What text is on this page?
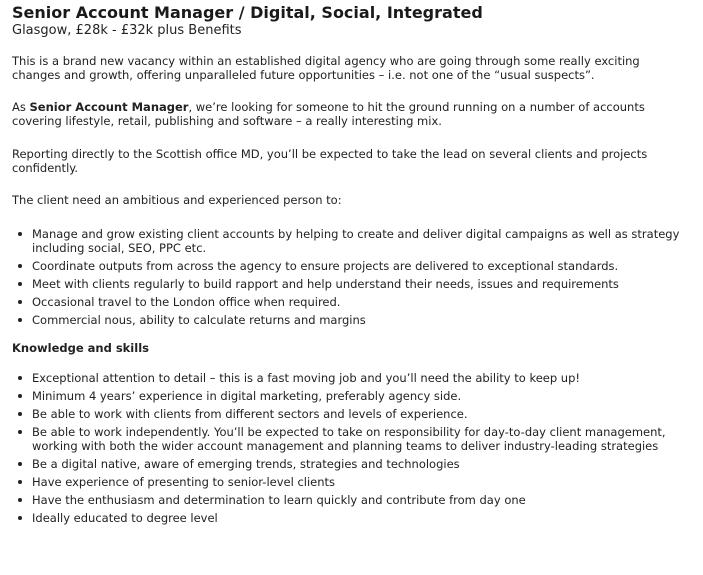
Senior Account Manager / Digital, Social, Integrated
Glasgow, £28k - £32k plus Benefits

This is a brand new vacancy within an established digital agency who are going through some really exciting changes and growth, offering unparalleled future opportunities – i.e. not one of the “usual suspects”.

As Senior Account Manager, we’re looking for someone to hit the ground running on a number of accounts covering lifestyle, retail, publishing and software – a really interesting mix.

Reporting directly to the Scottish office MD, you’ll be expected to take the lead on several clients and projects confidently.

The client need an ambitious and experienced person to:

Manage and grow existing client accounts by helping to create and deliver digital campaigns as well as strategy including social, SEO, PPC etc.
Coordinate outputs from across the agency to ensure projects are delivered to exceptional standards.
Meet with clients regularly to build rapport and help understand their needs, issues and requirements
Occasional travel to the London office when required.
Commercial nous, ability to calculate returns and margins
Knowledge and skills
Exceptional attention to detail – this is a fast moving job and you’ll need the ability to keep up!
Minimum 4 years’ experience in digital marketing, preferably agency side.
Be able to work with clients from different sectors and levels of experience.
Be able to work independently. You’ll be expected to take on responsibility for day-to-day client management, working with both the wider account management and planning teams to deliver industry-leading strategies
Be a digital native, aware of emerging trends, strategies and technologies
Have experience of presenting to senior-level clients
Have the enthusiasm and determination to learn quickly and contribute from day one
Ideally educated to degree level
